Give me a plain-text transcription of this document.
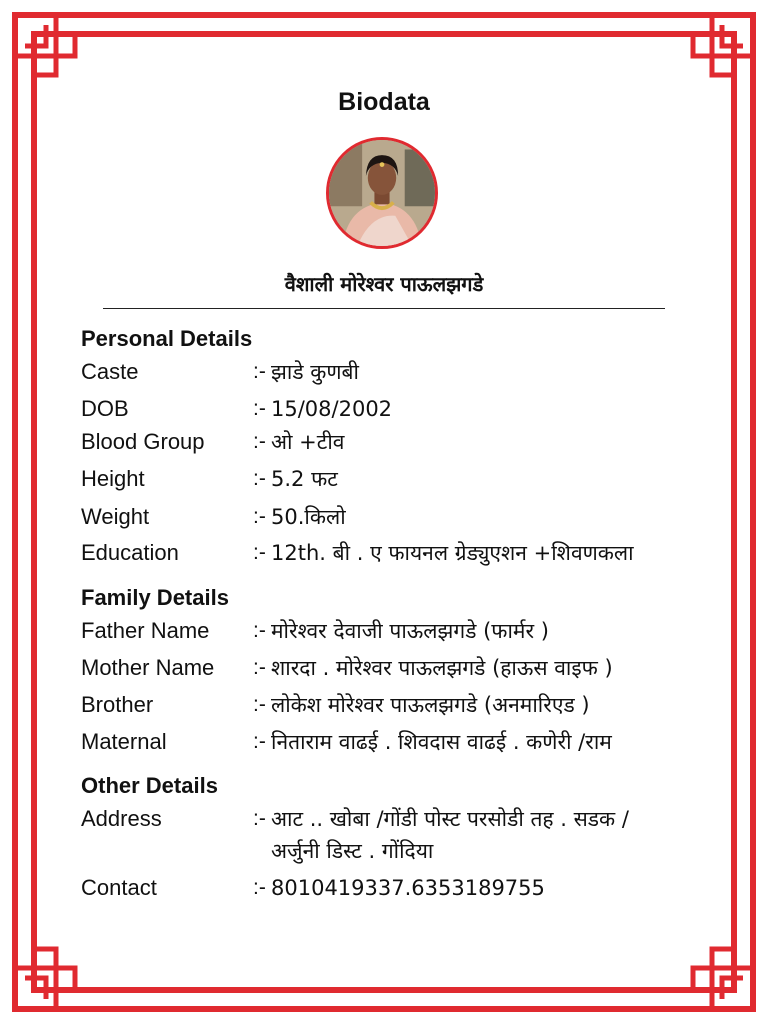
Biodata
वैशाली मोरेश्वर पाऊलझगडे
Personal Details
Caste	:- झाडे कुणबी
DOB	:- 15/08/2002
Blood Group :- ओ +टीव
Height	:- 5.2 फट
Weight	:- 50.किलो
Education	:- 12th. बी . ए फायनल ग्रेड्युएशन +शिवणकला
Family Details
Father Name :- मोरेश्वर देवाजी पाऊलझगडे (फार्मर )
Mother Name :- शारदा . मोरेश्वर पाऊलझगडे (हाऊस वाइफ )
Brother	:- लोकेश मोरेश्वर पाऊलझगडे (अनमारिएड )
Maternal	:- निताराम वाढई . शिवदास वाढई . कणेरी /राम
Other Details
Address	:- आट .. खोबा /गोंडी पोस्ट परसोडी तह . सडक /
अर्जुनी डिस्ट . गोंदिया
Contact	:- 8010419337.6353189755
